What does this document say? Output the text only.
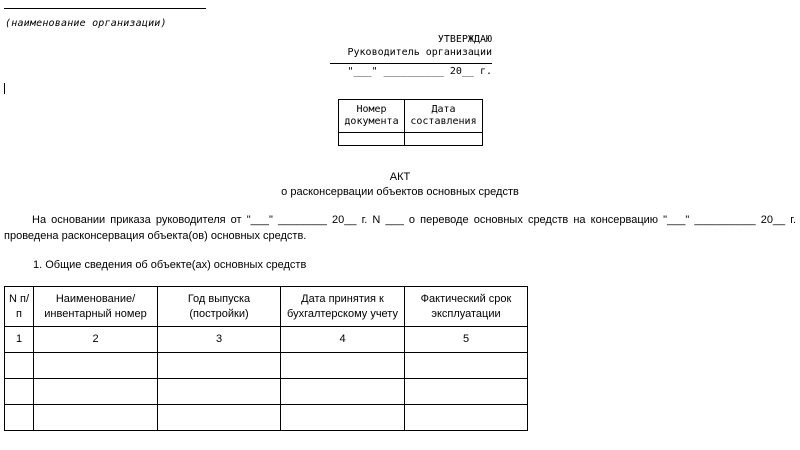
(наименование организации)
УТВЕРЖДАЮ
Руководитель организации
"___" __________ 20__ г.
Номер документа	Дата составления

АКТ
о расконсервации объектов основных средств
На основании приказа руководителя от "___" ________ 20__ г. N ___ о переводе основных средств на консервацию "___" __________ 20__ г. проведена расконсервация объекта(ов) основных средств.
1. Общие сведения об объекте(ах) основных средств
N п/п	Наименование/инвентарный номер	Год выпуска (постройки)	Дата принятия к бухгалтерскому учету	Фактический срок эксплуатации
1	2	3	4	5
